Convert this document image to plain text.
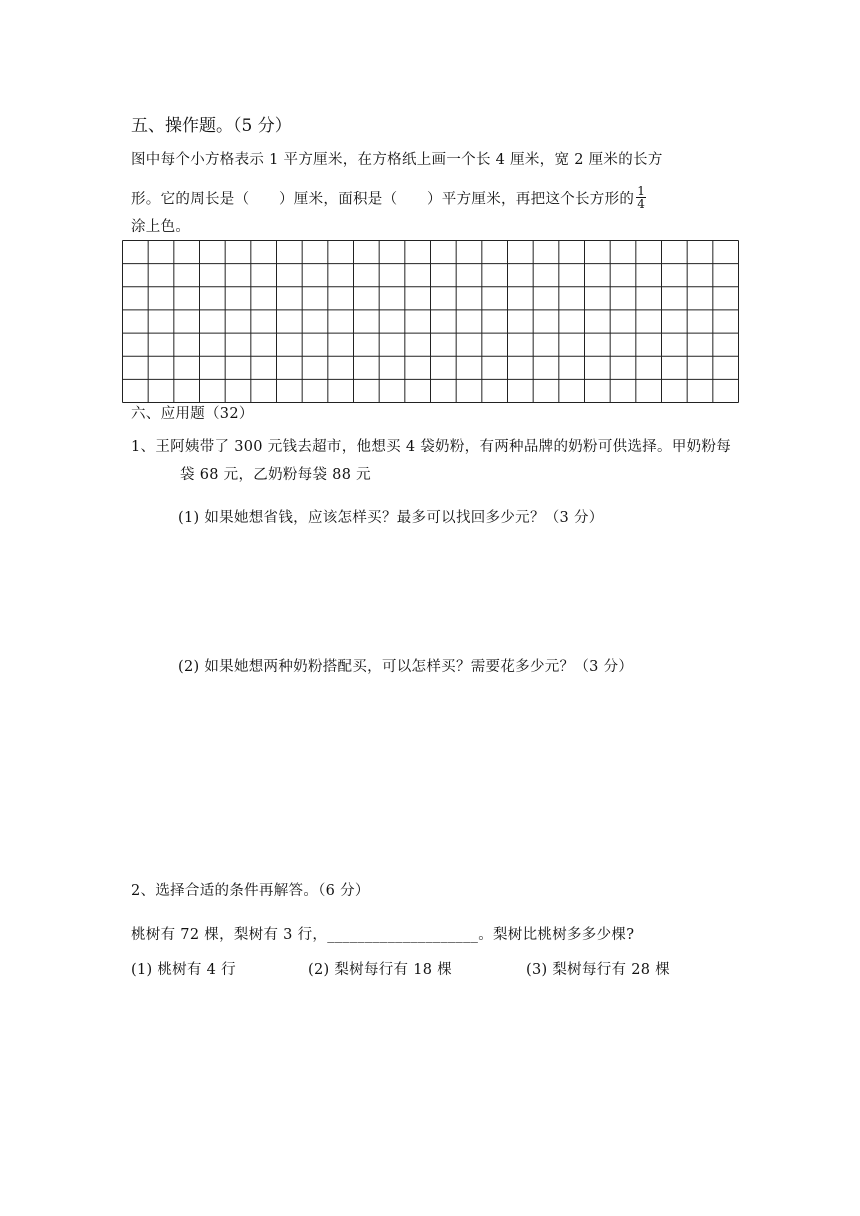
五、操作题。（5 分）
图中每个小方格表示 1 平方厘米，在方格纸上画一个长 4 厘米，宽 2 厘米的长方
形。它的周长是（　　）厘米，面积是（　　）平方厘米，再把这个长方形的 $\frac{1}{4}$
涂上色。
六、应用题（32）
1、王阿姨带了 300 元钱去超市，他想买 4 袋奶粉，有两种品牌的奶粉可供选择。甲奶粉每
袋 68 元，乙奶粉每袋 88 元
(1) 如果她想省钱，应该怎样买？最多可以找回多少元？（3 分）
(2) 如果她想两种奶粉搭配买，可以怎样买？需要花多少元？（3 分）
2、选择合适的条件再解答。（6 分）
桃树有 72 棵，梨树有 3 行，____________________。梨树比桃树多多少棵?
(1) 桃树有 4 行	(2) 梨树每行有 18 棵	(3) 梨树每行有 28 棵
